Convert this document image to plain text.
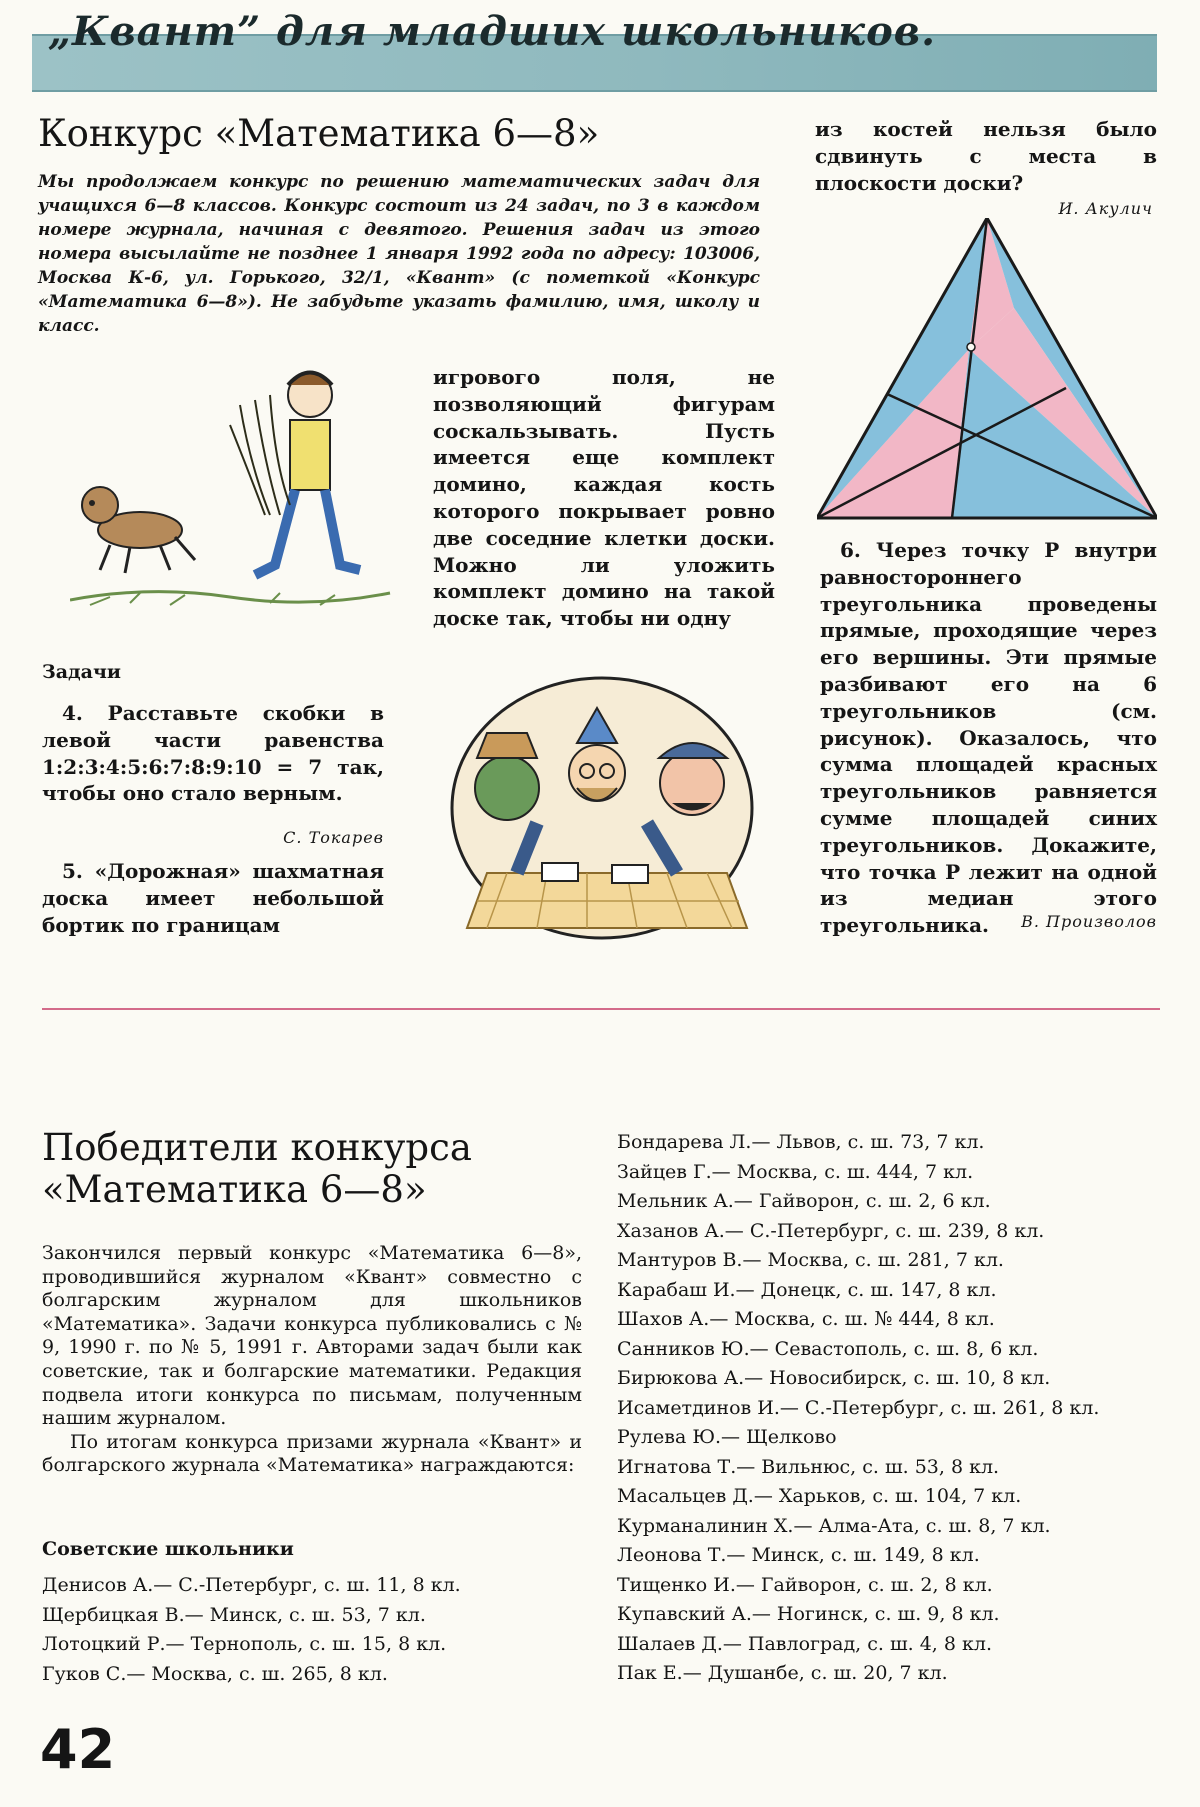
„Квант” для младших школьников.
Конкурс «Математика 6—8»
Мы продолжаем конкурс по решению математических задач для учащихся 6—8 классов. Конкурс состоит из 24 задач, по 3 в каждом номере журнала, начиная с девятого. Решения задач из этого номера высылайте не позднее 1 января 1992 года по адресу: 103006, Москва К-6, ул. Горького, 32/1, «Квант» (с пометкой «Конкурс «Математика 6—8»). Не забудьте указать фамилию, имя, школу и класс.
игрового поля, не позволяющий фигурам соскальзывать. Пусть имеется еще комплект домино, каждая кость которого покрывает ровно две соседние клетки доски. Можно ли уложить комплект домино на такой доске так, чтобы ни одну
из костей нельзя было сдвинуть с места в плоскости доски?
И. Акулич

 6. Через точку P внутри равностороннего треугольника проведены прямые, проходящие через его вершины. Эти прямые разбивают его на 6 треугольников (см. рисунок). Оказалось, что сумма площадей красных треугольников равняется сумме площадей синих треугольников. Докажите, что точка P лежит на одной из медиан этого треугольника.	В. Произволов
Задачи

 4. Расставьте скобки в левой части равенства 1:2:3:4:5:6:7:8:9:10 = 7 так, чтобы оно стало верным.

С. Токарев

 5. «Дорожная» шахматная доска имеет небольшой бортик по границам

Победители конкурса
«Математика 6—8»

Закончился первый конкурс «Математика 6—8», проводившийся журналом «Квант» совместно с болгарским журналом для школьников «Математика». Задачи конкурса публиковались с № 9, 1990 г. по № 5, 1991 г. Авторами задач были как советские, так и болгарские математики. Редакция подвела итоги конкурса по письмам, полученным нашим журналом.

По итогам конкурса призами журнала «Квант» и болгарского журнала «Математика» награждаются:

Советские школьники
Денисов А.— С.-Петербург, с. ш. 11, 8 кл.
Щербицкая В.— Минск, с. ш. 53, 7 кл.
Лотоцкий Р.— Тернополь, с. ш. 15, 8 кл.
Гуков С.— Москва, с. ш. 265, 8 кл.
Бондарева Л.— Львов, с. ш. 73, 7 кл.
Зайцев Г.— Москва, с. ш. 444, 7 кл.
Мельник А.— Гайворон, с. ш. 2, 6 кл.
Хазанов А.— С.-Петербург, с. ш. 239, 8 кл.
Мантуров В.— Москва, с. ш. 281, 7 кл.
Карабаш И.— Донецк, с. ш. 147, 8 кл.
Шахов А.— Москва, с. ш. № 444, 8 кл.
Санников Ю.— Севастополь, с. ш. 8, 6 кл.
Бирюкова А.— Новосибирск, с. ш. 10, 8 кл.
Исаметдинов И.— С.-Петербург, с. ш. 261, 8 кл.
Рулева Ю.— Щелково
Игнатова Т.— Вильнюс, с. ш. 53, 8 кл.
Масальцев Д.— Харьков, с. ш. 104, 7 кл.
Курманалинин Х.— Алма-Ата, с. ш. 8, 7 кл.
Леонова Т.— Минск, с. ш. 149, 8 кл.
Тищенко И.— Гайворон, с. ш. 2, 8 кл.
Купавский А.— Ногинск, с. ш. 9, 8 кл.
Шалаев Д.— Павлоград, с. ш. 4, 8 кл.
Пак Е.— Душанбе, с. ш. 20, 7 кл.
42
